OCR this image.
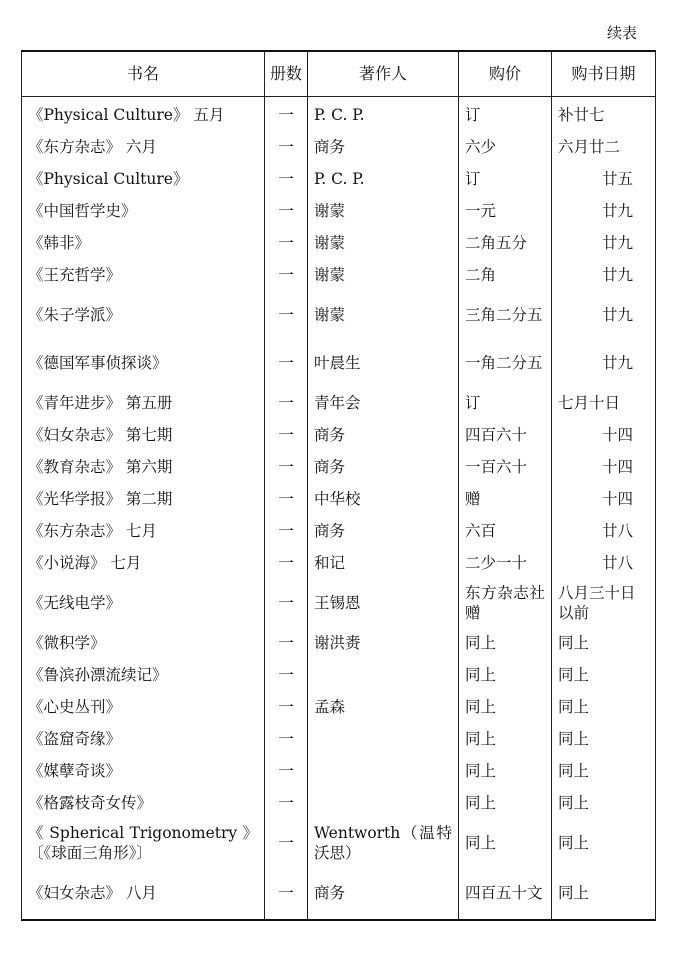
续表
书名	册数	著作人	购价	购书日期
《Physical Culture》 五月	一	P. C. P.	订	补廿七
《东方杂志》 六月	一	商务	六少	六月廿二
《Physical Culture》	一	P. C. P.	订	廿五
《中国哲学史》	一	谢蒙	一元	廿九
《韩非》	一	谢蒙	二角五分	廿九
《王充哲学》	一	谢蒙	二角	廿九
《朱子学派》	一	谢蒙	三角二分五	廿九
《德国军事侦探谈》	一	叶晨生	一角二分五	廿九
《青年进步》 第五册	一	青年会	订	七月十日
《妇女杂志》 第七期	一	商务	四百六十	十四
《教育杂志》 第六期	一	商务	一百六十	十四
《光华学报》 第二期	一	中华校	赠	十四
《东方杂志》 七月	一	商务	六百	廿八
《小说海》 七月	一	和记	二少一十	廿八
《无线电学》	一	王锡恩	东方杂志社赠	八月三十日以前
《微积学》	一	谢洪赉	同上	同上
《鲁滨孙漂流续记》	一		同上	同上
《心史丛刊》	一	孟森	同上	同上
《盗窟奇缘》	一		同上	同上
《媒孽奇谈》	一		同上	同上
《格露枝奇女传》	一		同上	同上
《 Spherical Trigonometry 》〔《球面三角形》〕	一	Wentworth（温特沃思）	同上	同上
《妇女杂志》 八月	一	商务	四百五十文	同上
